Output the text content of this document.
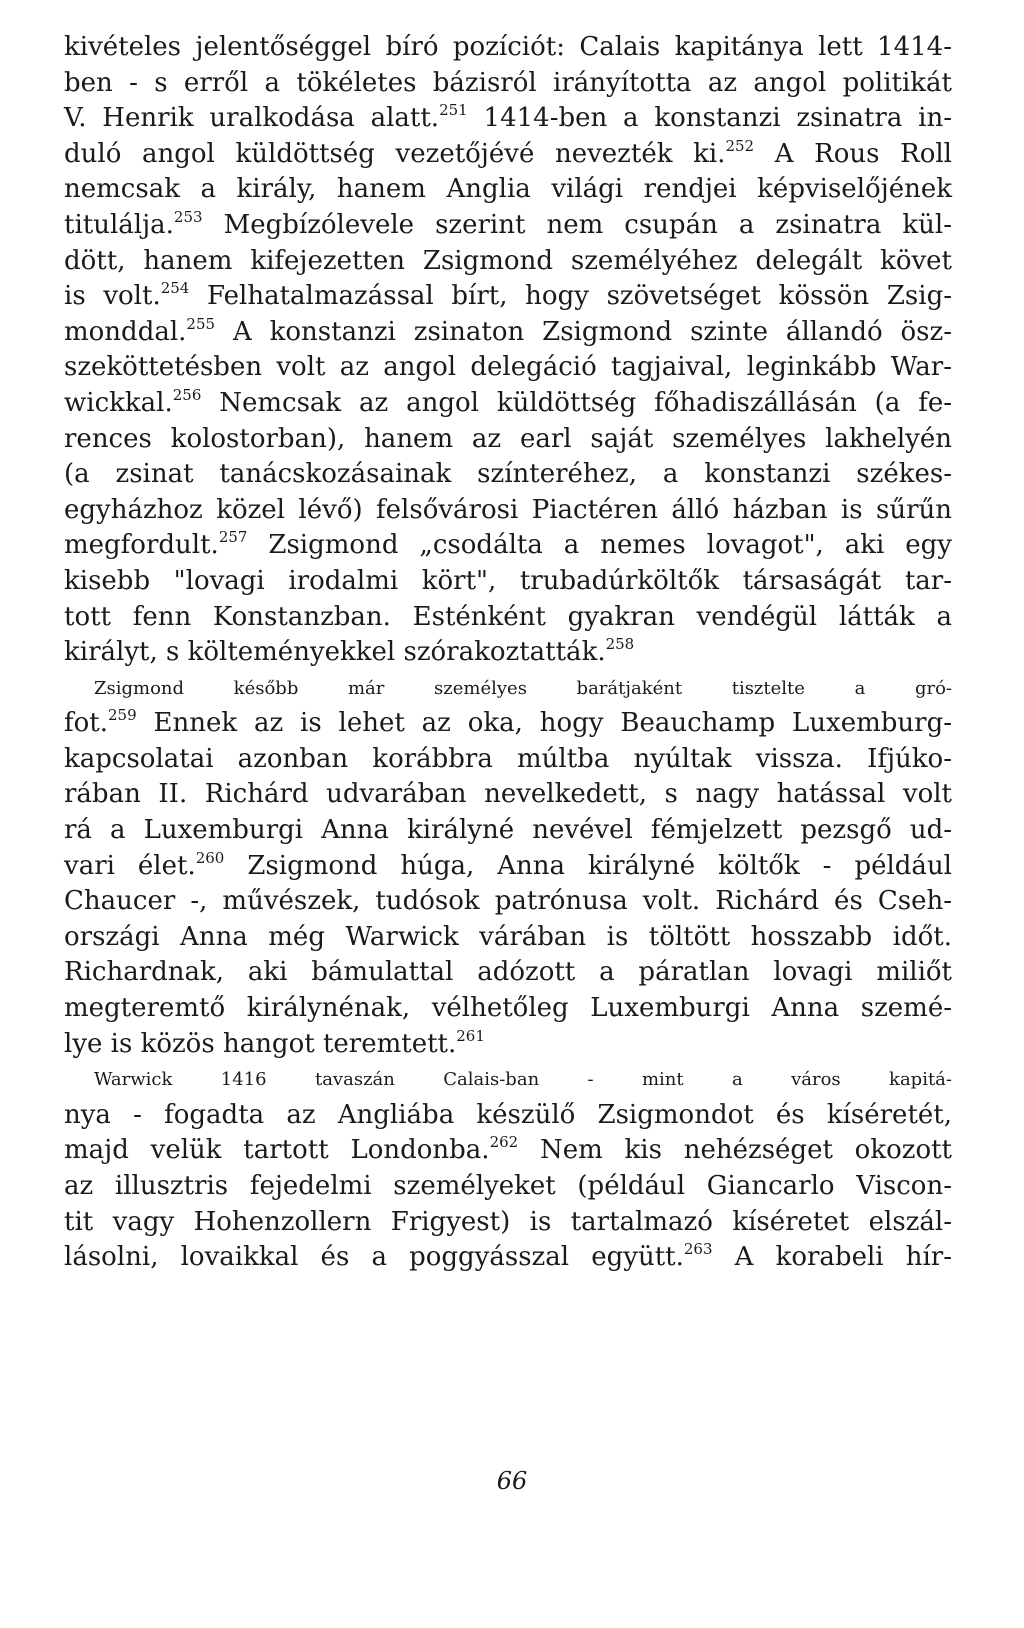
kivételes jelentőséggel bíró pozíciót: Calais kapitánya lett 1414-
ben - s erről a tökéletes bázisról irányította az angol politikát
V. Henrik uralkodása alatt.$^{251}$ 1414-ben a konstanzi zsinatra in-
duló angol küldöttség vezetőjévé nevezték ki.$^{252}$ A Rous Roll
nemcsak a király, hanem Anglia világi rendjei képviselőjének
titulálja.$^{253}$ Megbízólevele szerint nem csupán a zsinatra kül-
dött, hanem kifejezetten Zsigmond személyéhez delegált követ
is volt.$^{254}$ Felhatalmazással bírt, hogy szövetséget kössön Zsig-
monddal.$^{255}$ A konstanzi zsinaton Zsigmond szinte állandó ösz-
szeköttetésben volt az angol delegáció tagjaival, leginkább War-
wickkal.$^{256}$ Nemcsak az angol küldöttség főhadiszállásán (a fe-
rences kolostorban), hanem az earl saját személyes lakhelyén
(a zsinat tanácskozásainak színteréhez, a konstanzi székes-
egyházhoz közel lévő) felsővárosi Piactéren álló házban is sűrűn
megfordult.$^{257}$ Zsigmond „csodálta a nemes lovagot", aki egy
kisebb "lovagi irodalmi kört", trubadúrköltők társaságát tar-
tott fenn Konstanzban. Esténként gyakran vendégül látták a
királyt, s költeményekkel szórakoztatták.$^{258}$
Zsigmond később már személyes barátjaként tisztelte a gró-
fot.$^{259}$ Ennek az is lehet az oka, hogy Beauchamp Luxemburg-
kapcsolatai azonban korábbra múltba nyúltak vissza. Ifjúko-
rában II. Richárd udvarában nevelkedett, s nagy hatással volt
rá a Luxemburgi Anna királyné nevével fémjelzett pezsgő ud-
vari élet.$^{260}$ Zsigmond húga, Anna királyné költők - például
Chaucer -, művészek, tudósok patrónusa volt. Richárd és Cseh-
országi Anna még Warwick várában is töltött hosszabb időt.
Richardnak, aki bámulattal adózott a páratlan lovagi miliőt
megteremtő királynénak, vélhetőleg Luxemburgi Anna szemé-
lye is közös hangot teremtett.$^{261}$
Warwick 1416 tavaszán Calais-ban - mint a város kapitá-
nya - fogadta az Angliába készülő Zsigmondot és kíséretét,
majd velük tartott Londonba.$^{262}$ Nem kis nehézséget okozott
az illusztris fejedelmi személyeket (például Giancarlo Viscon-
tit vagy Hohenzollern Frigyest) is tartalmazó kíséretet elszál-
lásolni, lovaikkal és a poggyásszal együtt.$^{263}$ A korabeli hír-
66
